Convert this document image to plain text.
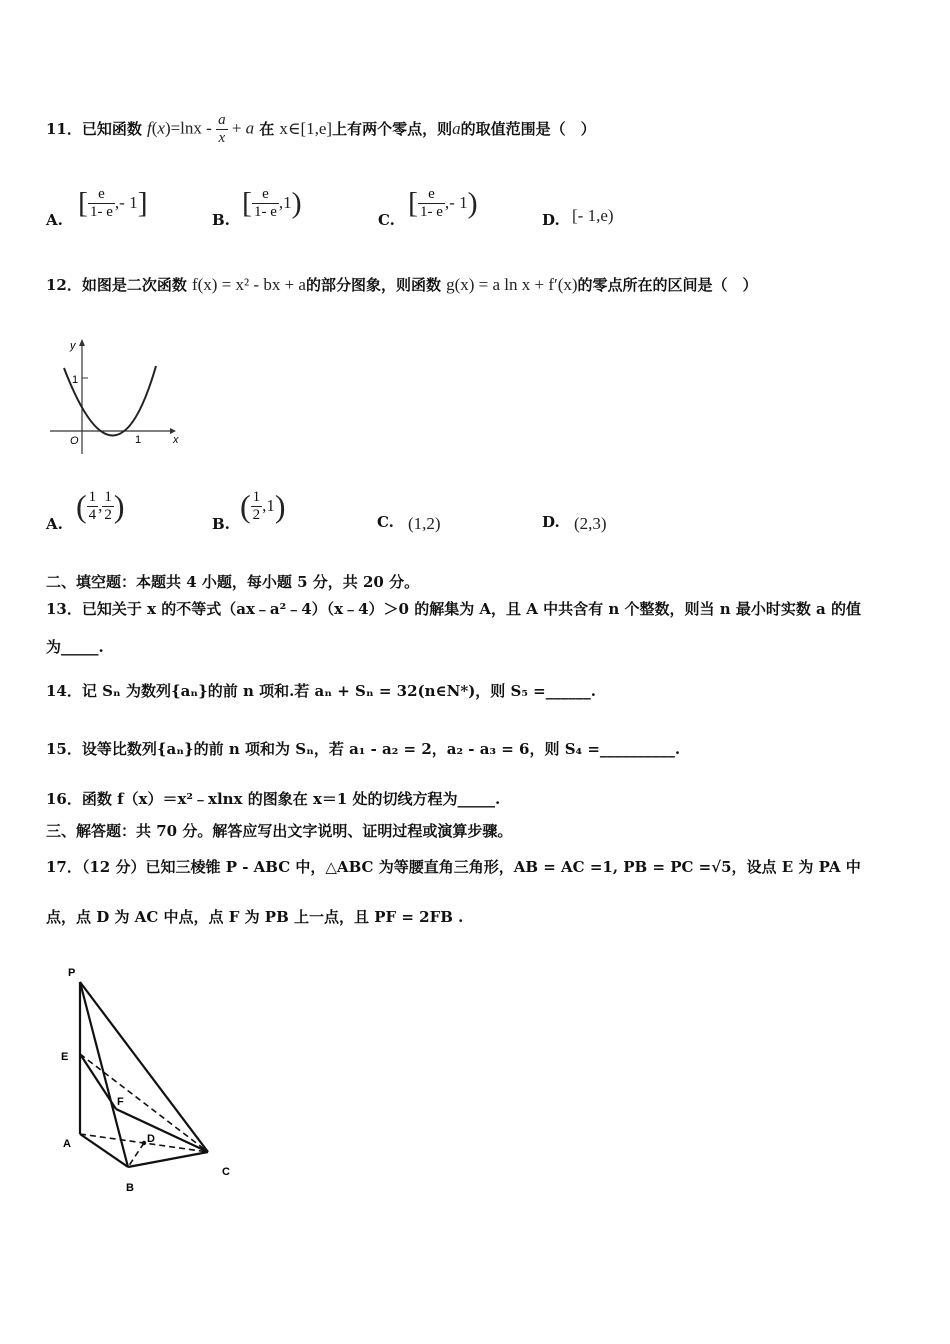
11．已知函数 $f(x)=\ln x - \frac{a}{x} + a$ 在 x∈[1,e]上有两个零点，则a的取值范围是（　）
A.
[ $\frac{e}{1- e}$ ,- 1]
B.
[ $\frac{e}{1- e} ,1$)
C.
[ $\frac{e}{1- e}$ ,- 1)
D. [- 1,e)
12．如图是二次函数 f(x) = x² - bx + a的部分图象，则函数 g(x) = a ln x + f′(x)的零点所在的区间是（　）
y
x
O	1
1
A. ( $\frac{1}{4}$ , $\frac{1}{2}$ )	B. ( $\frac{1}{2} ,1$)	C. (1,2)	D. (2,3)
二、填空题：本题共 4 小题，每小题 5 分，共 20 分。
13．已知关于 x 的不等式（ax﹣a²﹣4）（x﹣4）＞0 的解集为 A，且 A 中共含有 n 个整数，则当 n 最小时实数 a 的值
为_____.
14．记 Sₙ 为数列{aₙ}的前 n 项和.若 aₙ + Sₙ = 32(n∈N*)，则 S₅ =______.
15．设等比数列{aₙ}的前 n 项和为 Sₙ，若 a₁ - a₂ = 2，a₂ - a₃ = 6，则 S₄ =__________.
16．函数 f（x）＝x²﹣xlnx 的图象在 x＝1 处的切线方程为_____.
三、解答题：共 70 分。解答应写出文字说明、证明过程或演算步骤。
17．（12 分）已知三棱锥 P - ABC 中，△ABC 为等腰直角三角形，AB = AC =1, PB = PC =√5，设点 E 为 PA 中
点，点 D 为 AC 中点，点 F 为 PB 上一点，且 PF = 2FB .
P
E
F
A	D
B
C
